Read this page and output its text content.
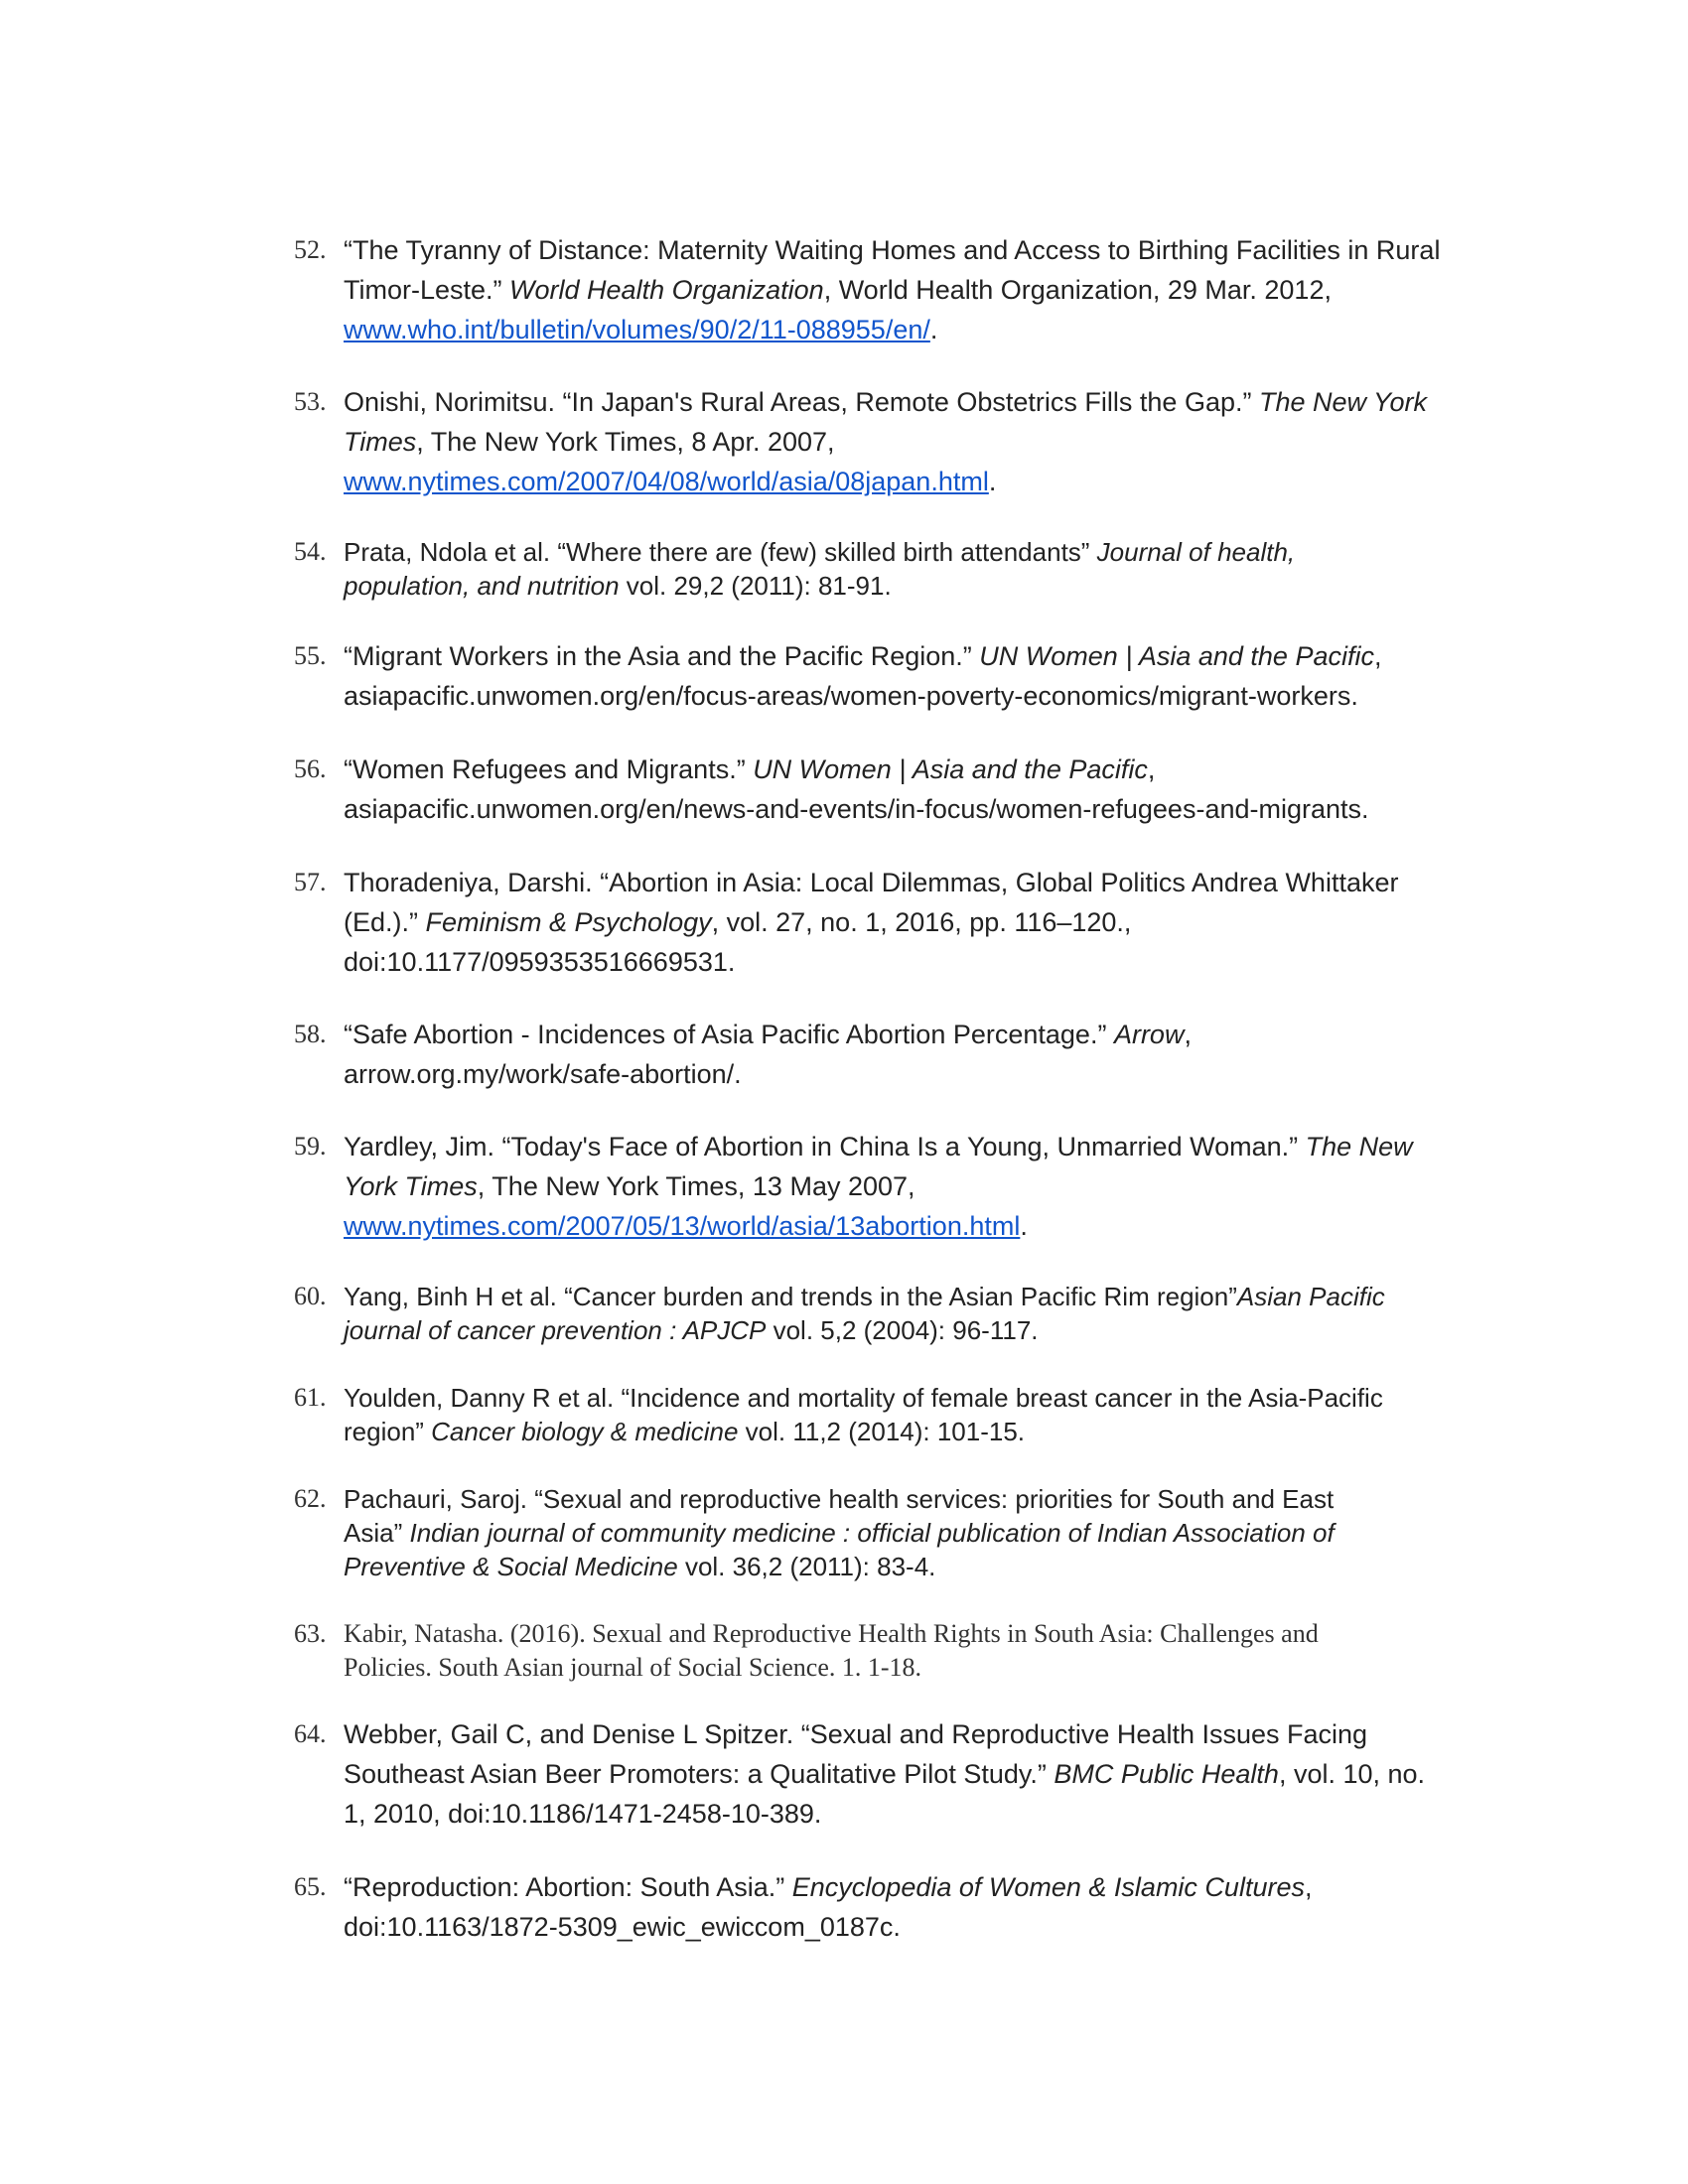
52. “The Tyranny of Distance: Maternity Waiting Homes and Access to Birthing Facilities in Rural
Timor-Leste.” World Health Organization, World Health Organization, 29 Mar. 2012,
www.who.int/bulletin/volumes/90/2/11-088955/en/.
53. Onishi, Norimitsu. “In Japan's Rural Areas, Remote Obstetrics Fills the Gap.” The New York
Times, The New York Times, 8 Apr. 2007,
www.nytimes.com/2007/04/08/world/asia/08japan.html.
54. Prata, Ndola et al. “Where there are (few) skilled birth attendants” Journal of health,
population, and nutrition vol. 29,2 (2011): 81-91.
55. “Migrant Workers in the Asia and the Pacific Region.” UN Women | Asia and the Pacific,
asiapacific.unwomen.org/en/focus-areas/women-poverty-economics/migrant-workers.
56. “Women Refugees and Migrants.” UN Women | Asia and the Pacific,
asiapacific.unwomen.org/en/news-and-events/in-focus/women-refugees-and-migrants.
57. Thoradeniya, Darshi. “Abortion in Asia: Local Dilemmas, Global Politics Andrea Whittaker
(Ed.).” Feminism & Psychology, vol. 27, no. 1, 2016, pp. 116–120.,
doi:10.1177/0959353516669531.
58. “Safe Abortion - Incidences of Asia Pacific Abortion Percentage.” Arrow,
arrow.org.my/work/safe-abortion/.
59. Yardley, Jim. “Today's Face of Abortion in China Is a Young, Unmarried Woman.” The New
York Times, The New York Times, 13 May 2007,
www.nytimes.com/2007/05/13/world/asia/13abortion.html.
60. Yang, Binh H et al. “Cancer burden and trends in the Asian Pacific Rim region”Asian Pacific
journal of cancer prevention : APJCP vol. 5,2 (2004): 96-117.
61. Youlden, Danny R et al. “Incidence and mortality of female breast cancer in the Asia-Pacific
region” Cancer biology & medicine vol. 11,2 (2014): 101-15.
62. Pachauri, Saroj. “Sexual and reproductive health services: priorities for South and East
Asia” Indian journal of community medicine : official publication of Indian Association of
Preventive & Social Medicine vol. 36,2 (2011): 83-4.
63. Kabir, Natasha. (2016). Sexual and Reproductive Health Rights in South Asia: Challenges and
Policies. South Asian journal of Social Science. 1. 1-18.
64. Webber, Gail C, and Denise L Spitzer. “Sexual and Reproductive Health Issues Facing
Southeast Asian Beer Promoters: a Qualitative Pilot Study.” BMC Public Health, vol. 10, no.
1, 2010, doi:10.1186/1471-2458-10-389.
65. “Reproduction: Abortion: South Asia.” Encyclopedia of Women & Islamic Cultures,
doi:10.1163/1872-5309_ewic_ewiccom_0187c.
